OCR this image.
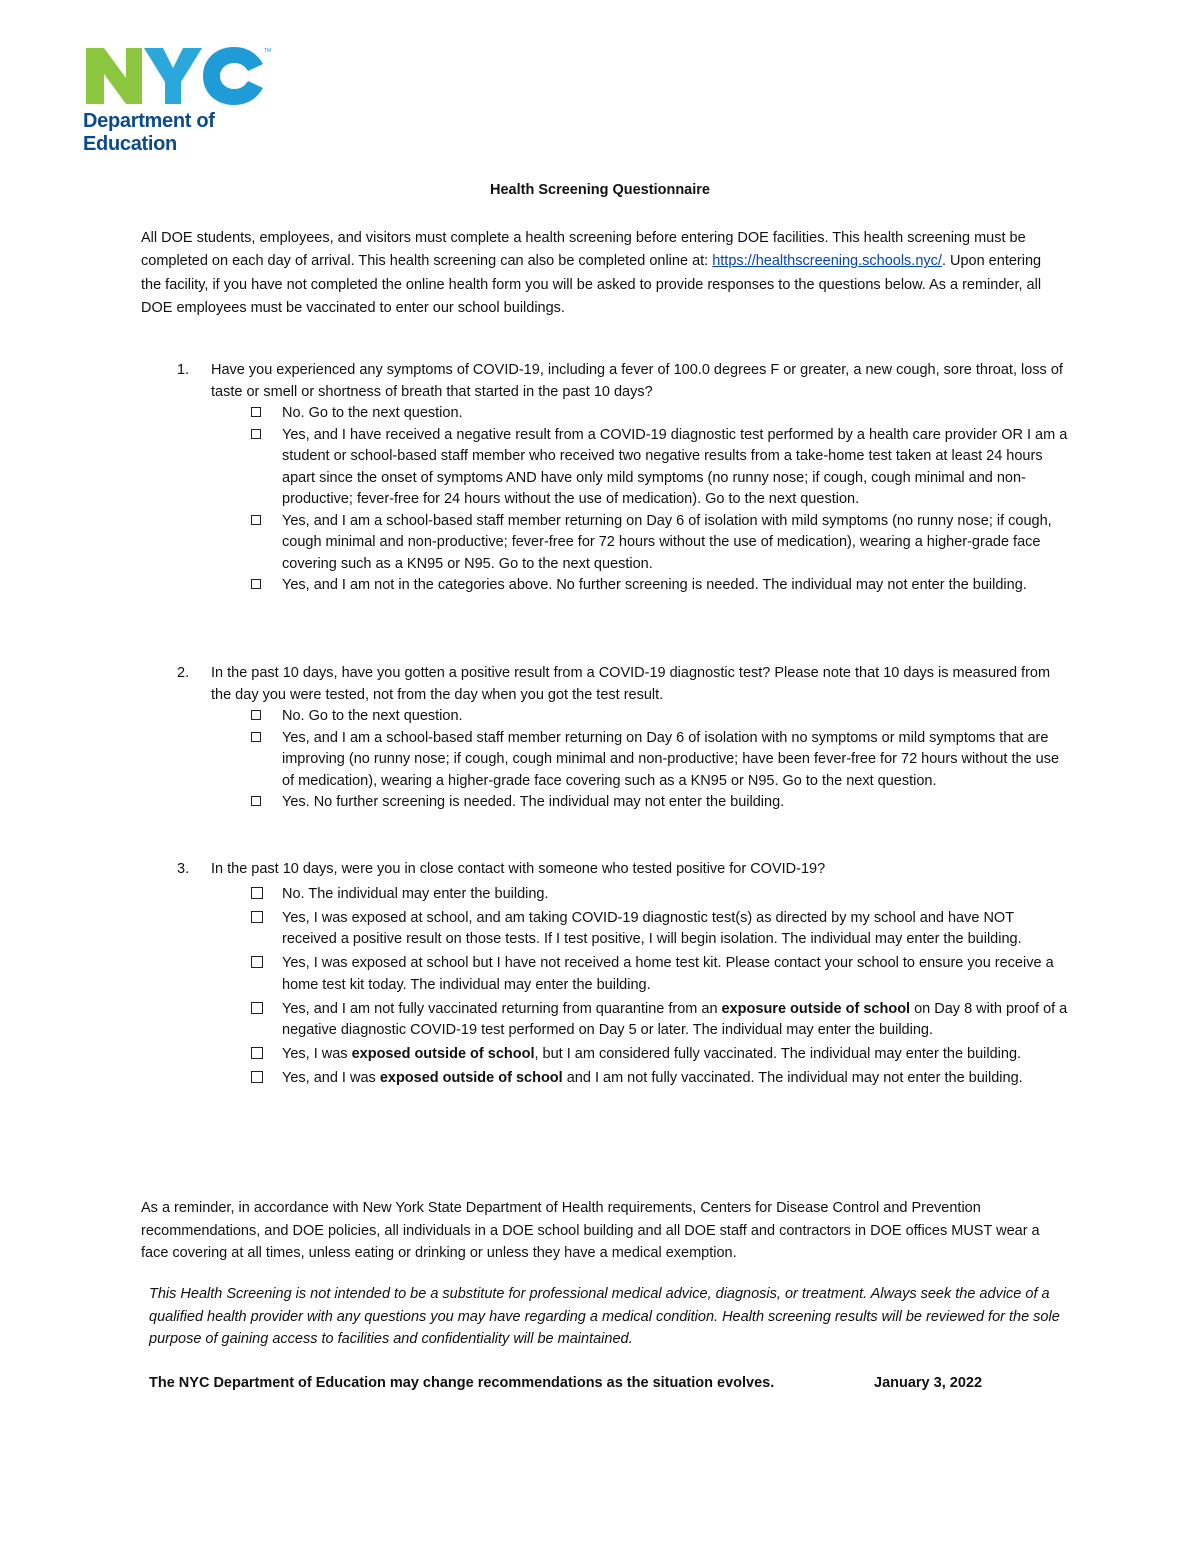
TM
Department of
Education
Health Screening Questionnaire
All DOE students, employees, and visitors must complete a health screening before entering DOE facilities. This health screening must be completed on each day of arrival. This health screening can also be completed online at: https://healthscreening.schools.nyc/. Upon entering the facility, if you have not completed the online health form you will be asked to provide responses to the questions below. As a reminder, all DOE employees must be vaccinated to enter our school buildings.
1. Have you experienced any symptoms of COVID-19, including a fever of 100.0 degrees F or greater, a new cough, sore throat, loss of taste or smell or shortness of breath that started in the past 10 days?
No. Go to the next question.
Yes, and I have received a negative result from a COVID-19 diagnostic test performed by a health care provider OR I am a student or school-based staff member who received two negative results from a take-home test taken at least 24 hours apart since the onset of symptoms AND have only mild symptoms (no runny nose; if cough, cough minimal and non-productive; fever-free for 24 hours without the use of medication). Go to the next question.
Yes, and I am a school-based staff member returning on Day 6 of isolation with mild symptoms (no runny nose; if cough, cough minimal and non-productive; fever-free for 72 hours without the use of medication), wearing a higher-grade face covering such as a KN95 or N95. Go to the next question.
Yes, and I am not in the categories above. No further screening is needed. The individual may not enter the building.
2. In the past 10 days, have you gotten a positive result from a COVID-19 diagnostic test? Please note that 10 days is measured from the day you were tested, not from the day when you got the test result.
No. Go to the next question.
Yes, and I am a school-based staff member returning on Day 6 of isolation with no symptoms or mild symptoms that are improving (no runny nose; if cough, cough minimal and non-productive; have been fever-free for 72 hours without the use of medication), wearing a higher-grade face covering such as a KN95 or N95. Go to the next question.
Yes. No further screening is needed. The individual may not enter the building.
3. In the past 10 days, were you in close contact with someone who tested positive for COVID-19?
No. The individual may enter the building.
Yes, I was exposed at school, and am taking COVID-19 diagnostic test(s) as directed by my school and have NOT received a positive result on those tests. If I test positive, I will begin isolation. The individual may enter the building.
Yes, I was exposed at school but I have not received a home test kit. Please contact your school to ensure you receive a home test kit today. The individual may enter the building.
Yes, and I am not fully vaccinated returning from quarantine from an exposure outside of school on Day 8 with proof of a negative diagnostic COVID-19 test performed on Day 5 or later. The individual may enter the building.
Yes, I was exposed outside of school, but I am considered fully vaccinated. The individual may enter the building.
Yes, and I was exposed outside of school and I am not fully vaccinated. The individual may not enter the building.
As a reminder, in accordance with New York State Department of Health requirements, Centers for Disease Control and Prevention recommendations, and DOE policies, all individuals in a DOE school building and all DOE staff and contractors in DOE offices MUST wear a face covering at all times, unless eating or drinking or unless they have a medical exemption.
This Health Screening is not intended to be a substitute for professional medical advice, diagnosis, or treatment. Always seek the advice of a qualified health provider with any questions you may have regarding a medical condition. Health screening results will be reviewed for the sole purpose of gaining access to facilities and confidentiality will be maintained.
The NYC Department of Education may change recommendations as the situation evolves.	January 3, 2022
